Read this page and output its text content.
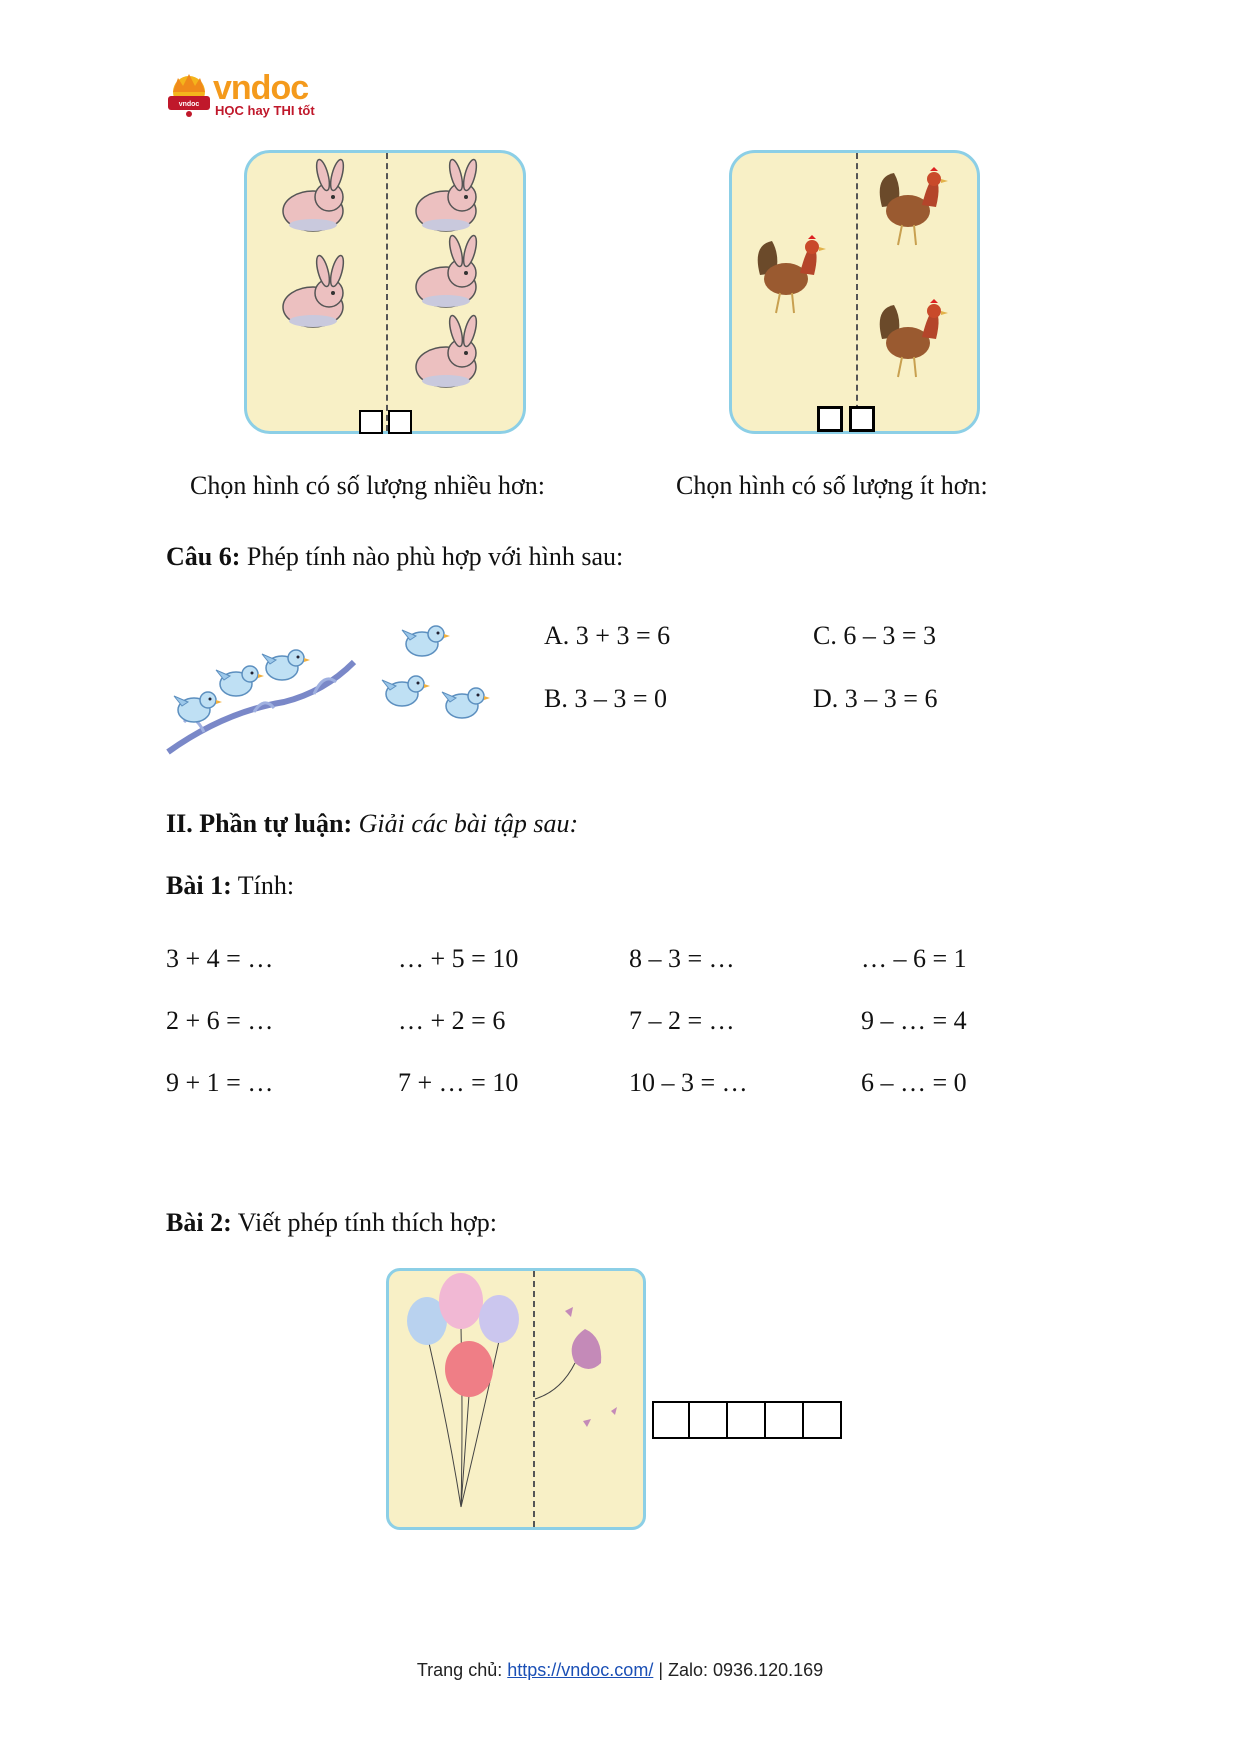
vndoc vndoc
HỌC hay THI tốt
Chọn hình có số lượng nhiều hơn:	Chọn hình có số lượng ít hơn:
Câu 6: Phép tính nào phù hợp với hình sau:
A. 3 + 3 = 6	C. 6 – 3 = 3
B. 3 – 3 = 0	D. 3 – 3 = 6
II. Phần tự luận: Giải các bài tập sau:
Bài 1: Tính:
3 + 4 = …	… + 5 = 10	8 – 3 = …	… – 6 = 1
2 + 6 = …	… + 2 = 6	7 – 2 = …	9 – … = 4
9 + 1 = …	7 + … = 10	10 – 3 = …	6 – … = 0
Bài 2: Viết phép tính thích hợp:
Trang chủ: https://vndoc.com/ | Zalo: 0936.120.169
